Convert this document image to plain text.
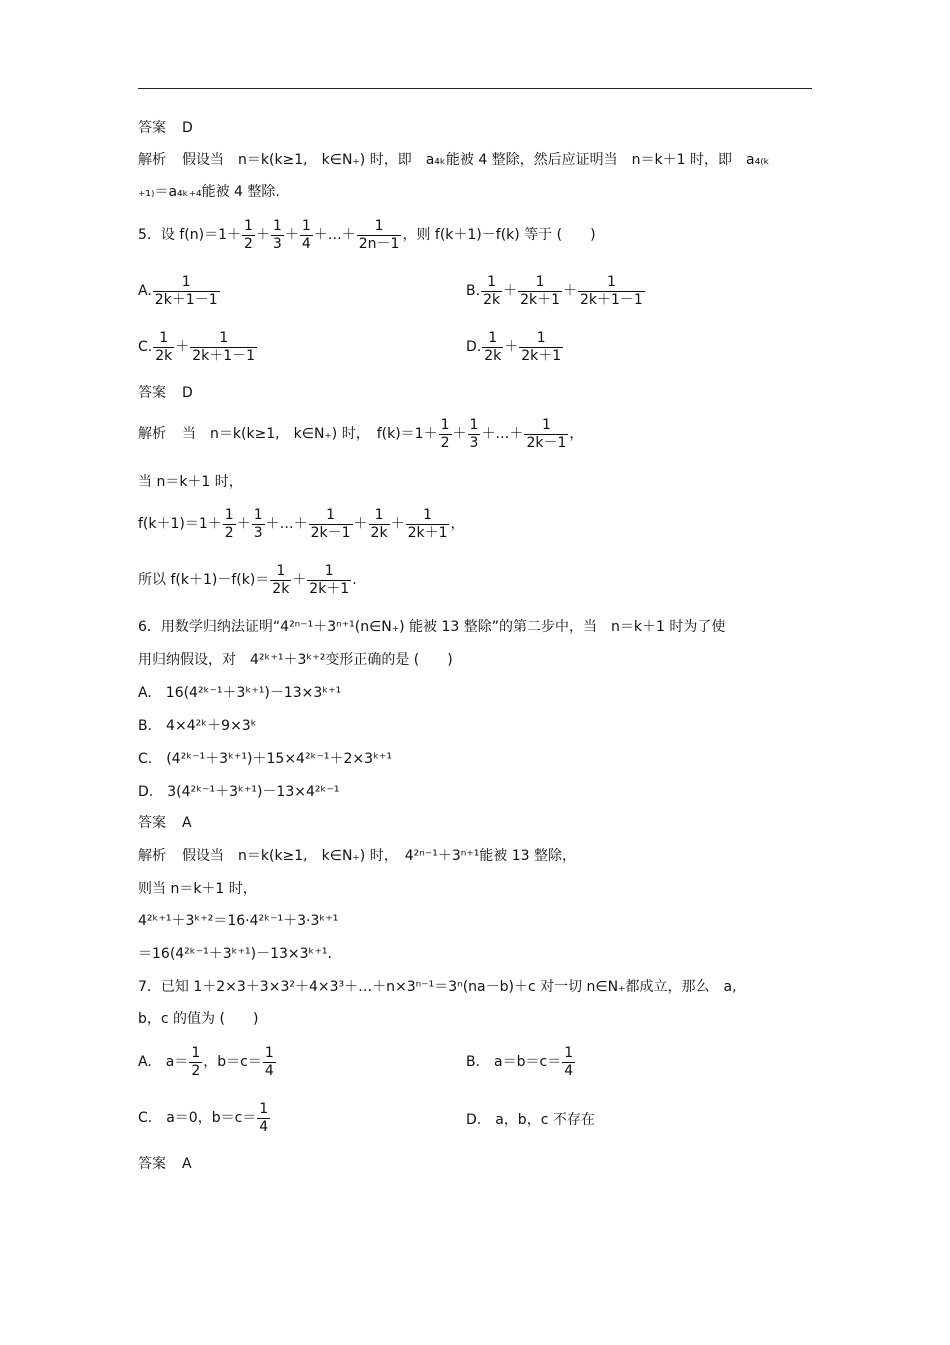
答案 D
解析 假设当　n＝k(k≥1,　k∈N₊) 时，即　a₄ₖ能被 4 整除，然后应证明当　n＝k＋1 时，即　a₄₍ₖ
₊₁₎＝a₄ₖ₊₄能被 4 整除.
5．设 $f(n)=1+ \frac{1}{2} + \frac{1}{3} + \frac{1}{4}$ ＋…＋ $\frac{1}{2n-1}$ ，则 f(k＋1)－f(k) 等于 (　　)
A. $\frac{1}{2k+1-1}$	B. $\frac{1}{2k} + \frac{1}{2k+1} + \frac{1}{2k+1-1}$
C. $\frac{1}{2k} + \frac{1}{2k+1-1}$	D. $\frac{1}{2k} + \frac{1}{2k+1}$
答案 D
解析 当　n＝k(k≥1,　k∈N₊) 时，　$f(k)=1+ \frac{1}{2} + \frac{1}{3}$ ＋…＋ $\frac{1}{2k-1}$ ，
当 n＝k＋1 时，
$f(k+1)=1+ \frac{1}{2} + \frac{1}{3}$ ＋…＋ $\frac{1}{2k-1} + \frac{1}{2k} + \frac{1}{2k+1}$ ，
所以 $f(k+1)-f(k)= \frac{1}{2k} + \frac{1}{2k+1}$ .
6．用数学归纳法证明“4²ⁿ⁻¹＋3ⁿ⁺¹(n∈N₊) 能被 13 整除”的第二步中，当　n＝k＋1 时为了使
用归纳假设，对　4²ᵏ⁺¹＋3ᵏ⁺²变形正确的是 (　　)
A.　16(4²ᵏ⁻¹＋3ᵏ⁺¹)－13×3ᵏ⁺¹
B.　4×4²ᵏ＋9×3ᵏ
C.　(4²ᵏ⁻¹＋3ᵏ⁺¹)＋15×4²ᵏ⁻¹＋2×3ᵏ⁺¹
D.　3(4²ᵏ⁻¹＋3ᵏ⁺¹)－13×4²ᵏ⁻¹
答案 A
解析 假设当　n＝k(k≥1,　k∈N₊) 时，　4²ⁿ⁻¹＋3ⁿ⁺¹能被 13 整除，
则当 n＝k＋1 时，
4²ᵏ⁺¹＋3ᵏ⁺²＝16·4²ᵏ⁻¹＋3·3ᵏ⁺¹
＝16(4²ᵏ⁻¹＋3ᵏ⁺¹)－13×3ᵏ⁺¹.
7．已知 1＋2×3＋3×3²＋4×3³＋…＋n×3ⁿ⁻¹＝3ⁿ(na－b)＋c 对一切 n∈N₊都成立，那么　a,
b，c 的值为 (　　)
A.　$a= \frac{1}{2}$ ，$b=c= \frac{1}{4}$	B.　$a=b=c= \frac{1}{4}$
C.　a＝0，$b=c= \frac{1}{4}$	D.　a，b，c 不存在
答案 A
